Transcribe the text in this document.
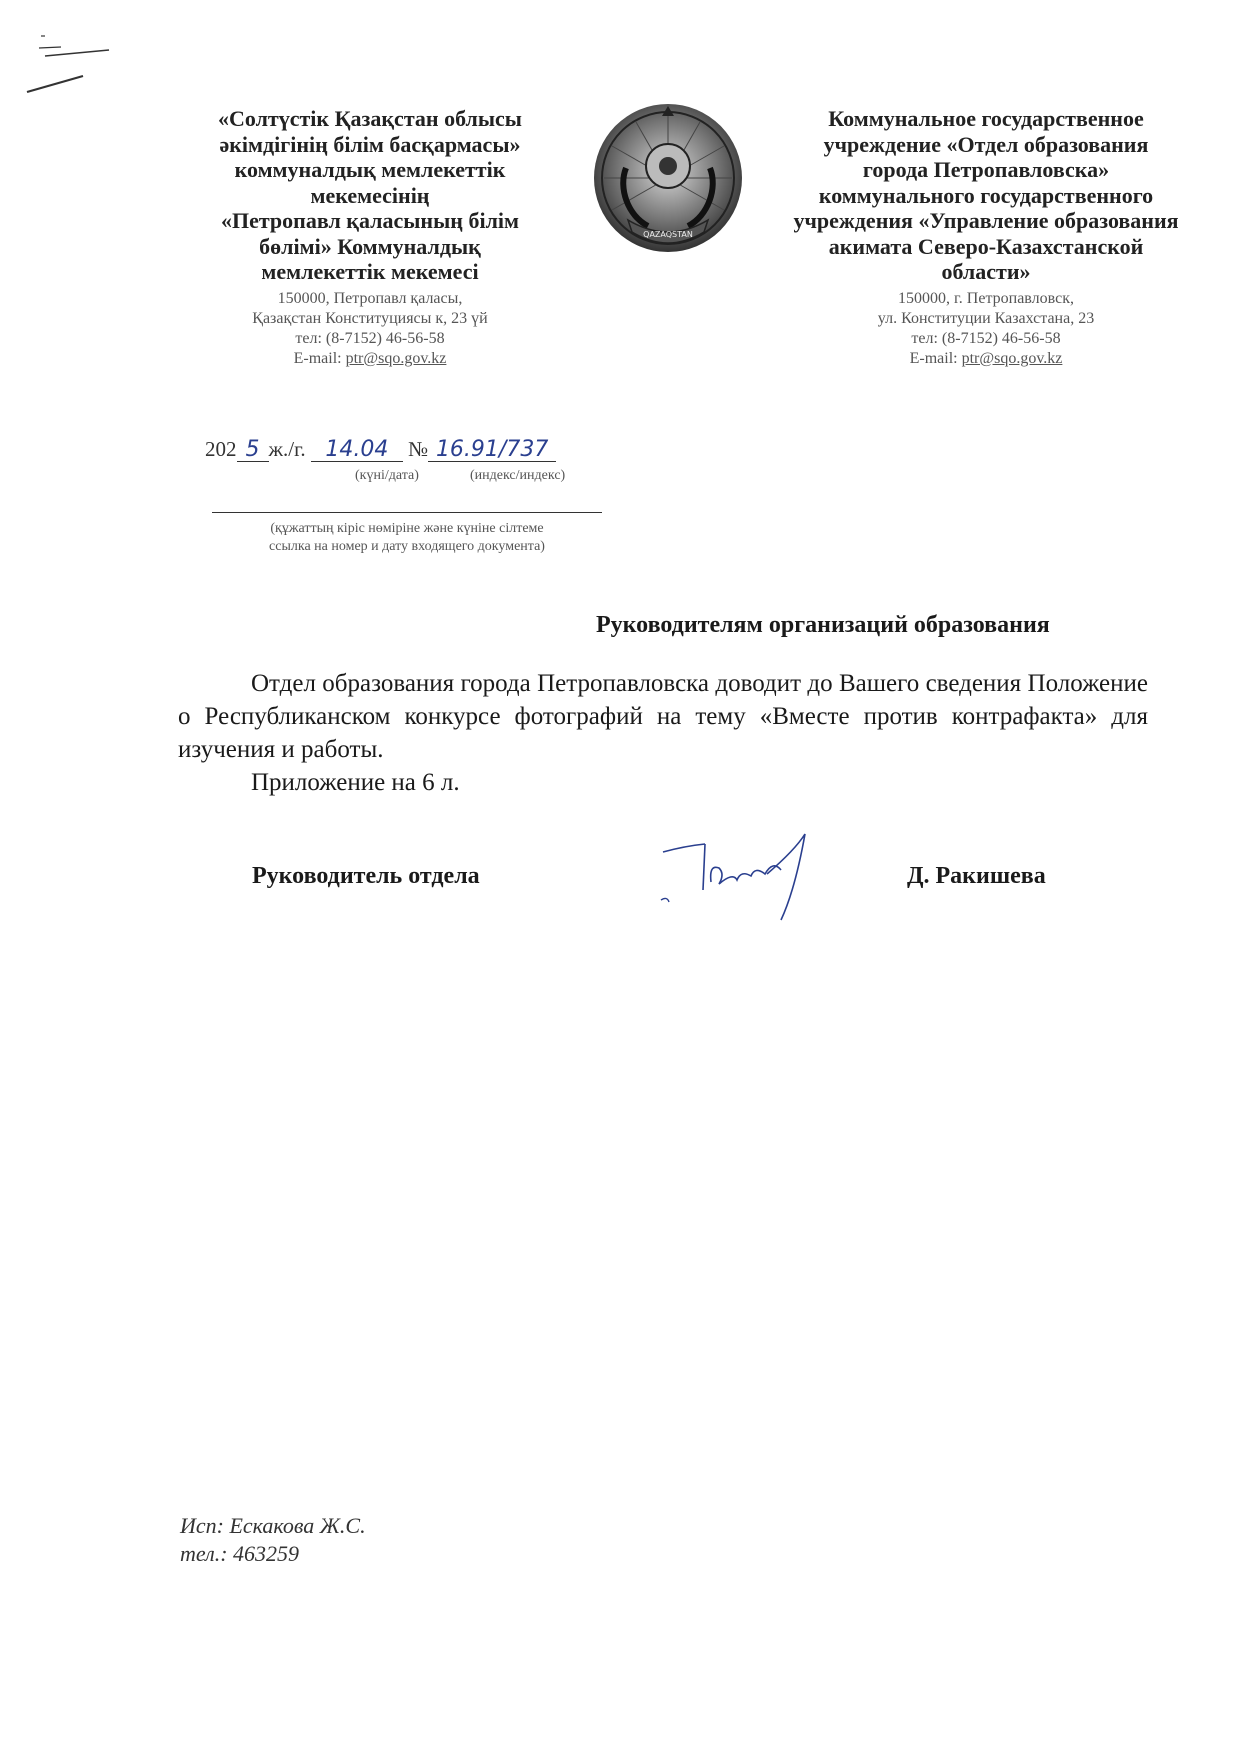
«Солтүстік Қазақстан облысы
әкімдігінің білім басқармасы»
коммуналдық мемлекеттік
мекемесінің
«Петропавл қаласының білім
бөлімі» Коммуналдық
мемлекеттік мекемесі
150000, Петропавл қаласы,
Қазақстан Конституциясы к, 23 үй
тел: (8-7152) 46-56-58
E-mail: ptr@sqo.gov.kz
QAZAQSTAN
Коммунальное государственное
учреждение «Отдел образования
города Петропавловска»
коммунального государственного
учреждения «Управление образования
акимата Северо-Казахстанской
области»
150000, г. Петропавловск,
ул. Конституции Казахстана, 23
тел: (8-7152) 46-56-58
E-mail: ptr@sqo.gov.kz
202 5 ж./г. 14.04 № 16.91/737
(күні/дата)	(индекс/индекс)
(құжаттың кіріс нөміріне және күніне сілтеме
ссылка на номер и дату входящего документа)
Руководителям организаций образования

Отдел образования города Петропавловска доводит до Вашего сведения Положение о Республиканском конкурсе фотографий на тему «Вместе против контрафакта» для изучения и работы.

Приложение на 6 л.

Руководитель отдела	Д. Ракишева
Исп: Ескакова Ж.С.
тел.: 463259
